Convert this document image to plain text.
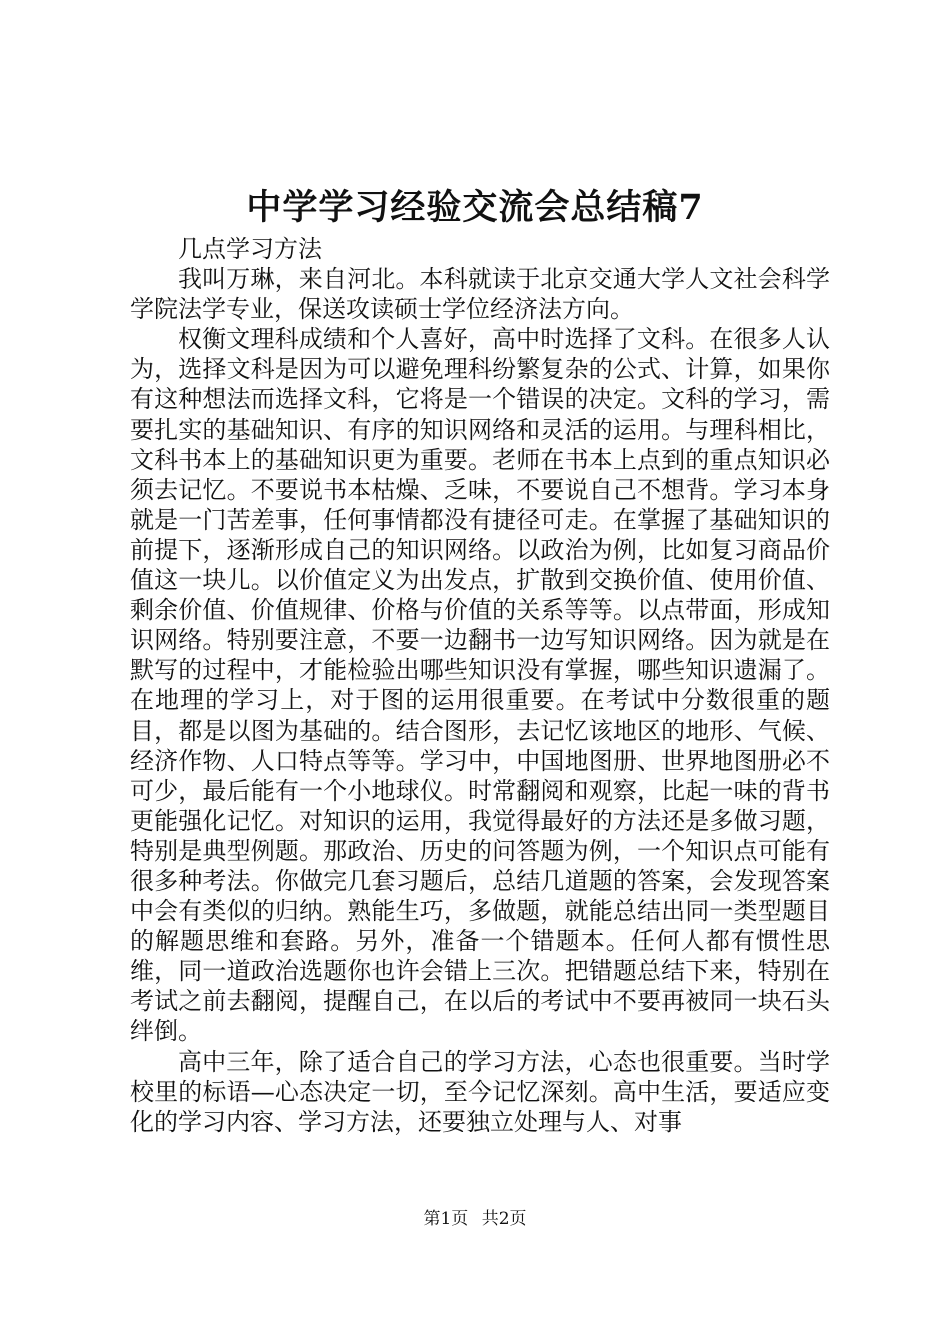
中学学习经验交流会总结稿7

几点学习方法

我叫万琳，来自河北。本科就读于北京交通大学人文社会科学学院法学专业，保送攻读硕士学位经济法方向。

权衡文理科成绩和个人喜好，高中时选择了文科。在很多人认为，选择文科是因为可以避免理科纷繁复杂的公式、计算，如果你有这种想法而选择文科，它将是一个错误的决定。文科的学习，需要扎实的基础知识、有序的知识网络和灵活的运用。与理科相比，文科书本上的基础知识更为重要。老师在书本上点到的重点知识必须去记忆。不要说书本枯燥、乏味，不要说自己不想背。学习本身就是一门苦差事，任何事情都没有捷径可走。在掌握了基础知识的前提下，逐渐形成自己的知识网络。以政治为例，比如复习商品价值这一块儿。以价值定义为出发点，扩散到交换价值、使用价值、剩余价值、价值规律、价格与价值的关系等等。以点带面，形成知识网络。特别要注意，不要一边翻书一边写知识网络。因为就是在默写的过程中，才能检验出哪些知识没有掌握，哪些知识遗漏了。在地理的学习上，对于图的运用很重要。在考试中分数很重的题目，都是以图为基础的。结合图形，去记忆该地区的地形、气候、经济作物、人口特点等等。学习中，中国地图册、世界地图册必不可少，最后能有一个小地球仪。时常翻阅和观察，比起一味的背书更能强化记忆。对知识的运用，我觉得最好的方法还是多做习题，特别是典型例题。那政治、历史的问答题为例，一个知识点可能有很多种考法。你做完几套习题后，总结几道题的答案，会发现答案中会有类似的归纳。熟能生巧，多做题，就能总结出同一类型题目的解题思维和套路。另外，准备一个错题本。任何人都有惯性思维，同一道政治选题你也许会错上三次。把错题总结下来，特别在考试之前去翻阅，提醒自己，在以后的考试中不要再被同一块石头绊倒。

高中三年，除了适合自己的学习方法，心态也很重要。当时学校里的标语—心态决定一切，至今记忆深刻。高中生活，要适应变化的学习内容、学习方法，还要独立处理与人、对事

第1页 共2页
